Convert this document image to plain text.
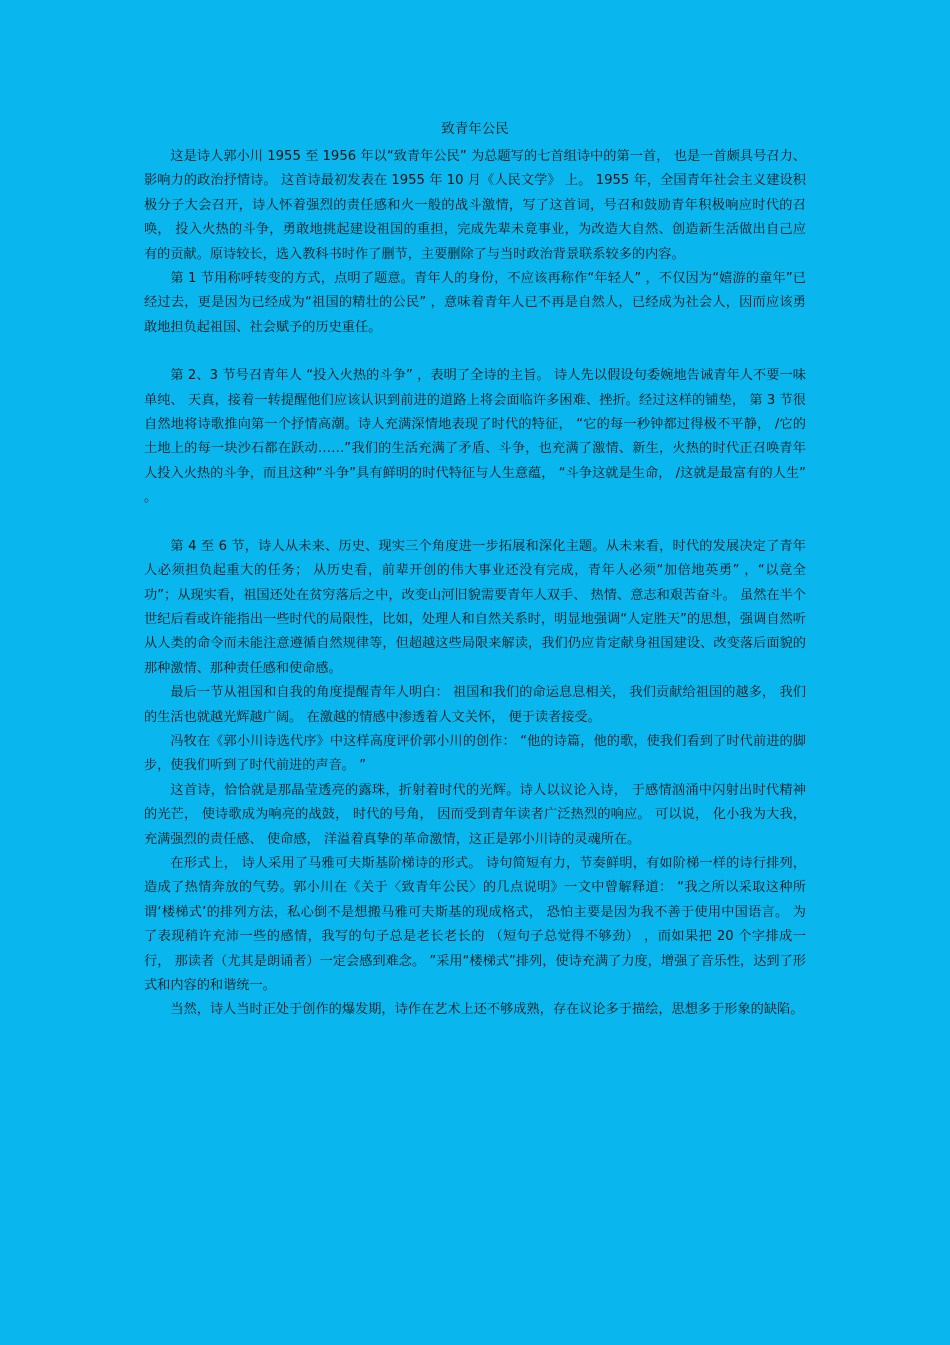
致青年公民

这是诗人郭小川 1955 至 1956 年以“致青年公民” 为总题写的七首组诗中的第一首， 也是一首颇具号召力、 影响力的政治抒情诗。 这首诗最初发表在 1955 年 10 月《人民文学》 上。 1955 年，全国青年社会主义建设积极分子大会召开，诗人怀着强烈的责任感和火一般的战斗激情，写了这首词，号召和鼓励青年积极响应时代的召唤， 投入火热的斗争，勇敢地挑起建设祖国的重担，完成先辈未竟事业，为改造大自然、创造新生活做出自己应有的贡献。原诗较长，选入教科书时作了删节，主要删除了与当时政治背景联系较多的内容。

第 1 节用称呼转变的方式，点明了题意。青年人的身份，不应该再称作“年轻人” ，不仅因为“嬉游的童年”已经过去，更是因为已经成为“祖国的精壮的公民” ，意味着青年人已不再是自然人，已经成为社会人，因而应该勇敢地担负起祖国、社会赋予的历史重任。

第 2、3 节号召青年人 “投入火热的斗争” ，表明了全诗的主旨。 诗人先以假设句委婉地告诫青年人不要一味单纯、 天真，接着一转提醒他们应该认识到前进的道路上将会面临许多困难、挫折。经过这样的铺垫， 第 3 节很自然地将诗歌推向第一个抒情高潮。诗人充满深情地表现了时代的特征， “它的每一秒钟都过得极不平静， /它的土地上的每一块沙石都在跃动……”我们的生活充满了矛盾、斗争，也充满了激情、新生，火热的时代正召唤青年人投入火热的斗争，而且这种“斗争”具有鲜明的时代特征与人生意蕴， “斗争这就是生命， /这就是最富有的人生” 。

第 4 至 6 节，诗人从未来、历史、现实三个角度进一步拓展和深化主题。从未来看，时代的发展决定了青年人必须担负起重大的任务； 从历史看，前辈开创的伟大事业还没有完成，青年人必须“加倍地英勇” ，“以竟全功”；从现实看，祖国还处在贫穷落后之中，改变山河旧貌需要青年人双手、 热情、意志和艰苦奋斗。 虽然在半个世纪后看或许能指出一些时代的局限性，比如，处理人和自然关系时，明显地强调“人定胜天”的思想，强调自然听从人类的命令而未能注意遵循自然规律等，但超越这些局限来解读，我们仍应肯定献身祖国建设、改变落后面貌的那种激情、那种责任感和使命感。

最后一节从祖国和自我的角度提醒青年人明白： 祖国和我们的命运息息相关， 我们贡献给祖国的越多， 我们的生活也就越光辉越广阔。 在激越的情感中渗透着人文关怀， 便于读者接受。

冯牧在《郭小川诗选代序》中这样高度评价郭小川的创作： “他的诗篇，他的歌，使我们看到了时代前进的脚步，使我们听到了时代前进的声音。 ”

这首诗，恰恰就是那晶莹透亮的露珠，折射着时代的光辉。诗人以议论入诗， 于感情汹涌中闪射出时代精神的光芒， 使诗歌成为响亮的战鼓， 时代的号角， 因而受到青年读者广泛热烈的响应。 可以说， 化小我为大我， 充满强烈的责任感、 使命感， 洋溢着真挚的革命激情，这正是郭小川诗的灵魂所在。

在形式上， 诗人采用了马雅可夫斯基阶梯诗的形式。 诗句简短有力，节奏鲜明，有如阶梯一样的诗行排列，造成了热情奔放的气势。郭小川在《关于〈致青年公民〉的几点说明》一文中曾解释道： “我之所以采取这种所谓‘楼梯式’的排列方法，私心倒不是想搬马雅可夫斯基的现成格式， 恐怕主要是因为我不善于使用中国语言。 为了表现稍许充沛一些的感情，我写的句子总是老长老长的 （短句子总觉得不够劲） ，而如果把 20 个字排成一行， 那读者（尤其是朗诵者）一定会感到难念。 ”采用“楼梯式”排列，使诗充满了力度，增强了音乐性，达到了形式和内容的和谐统一。

当然，诗人当时正处于创作的爆发期，诗作在艺术上还不够成熟，存在议论多于描绘，思想多于形象的缺陷。
